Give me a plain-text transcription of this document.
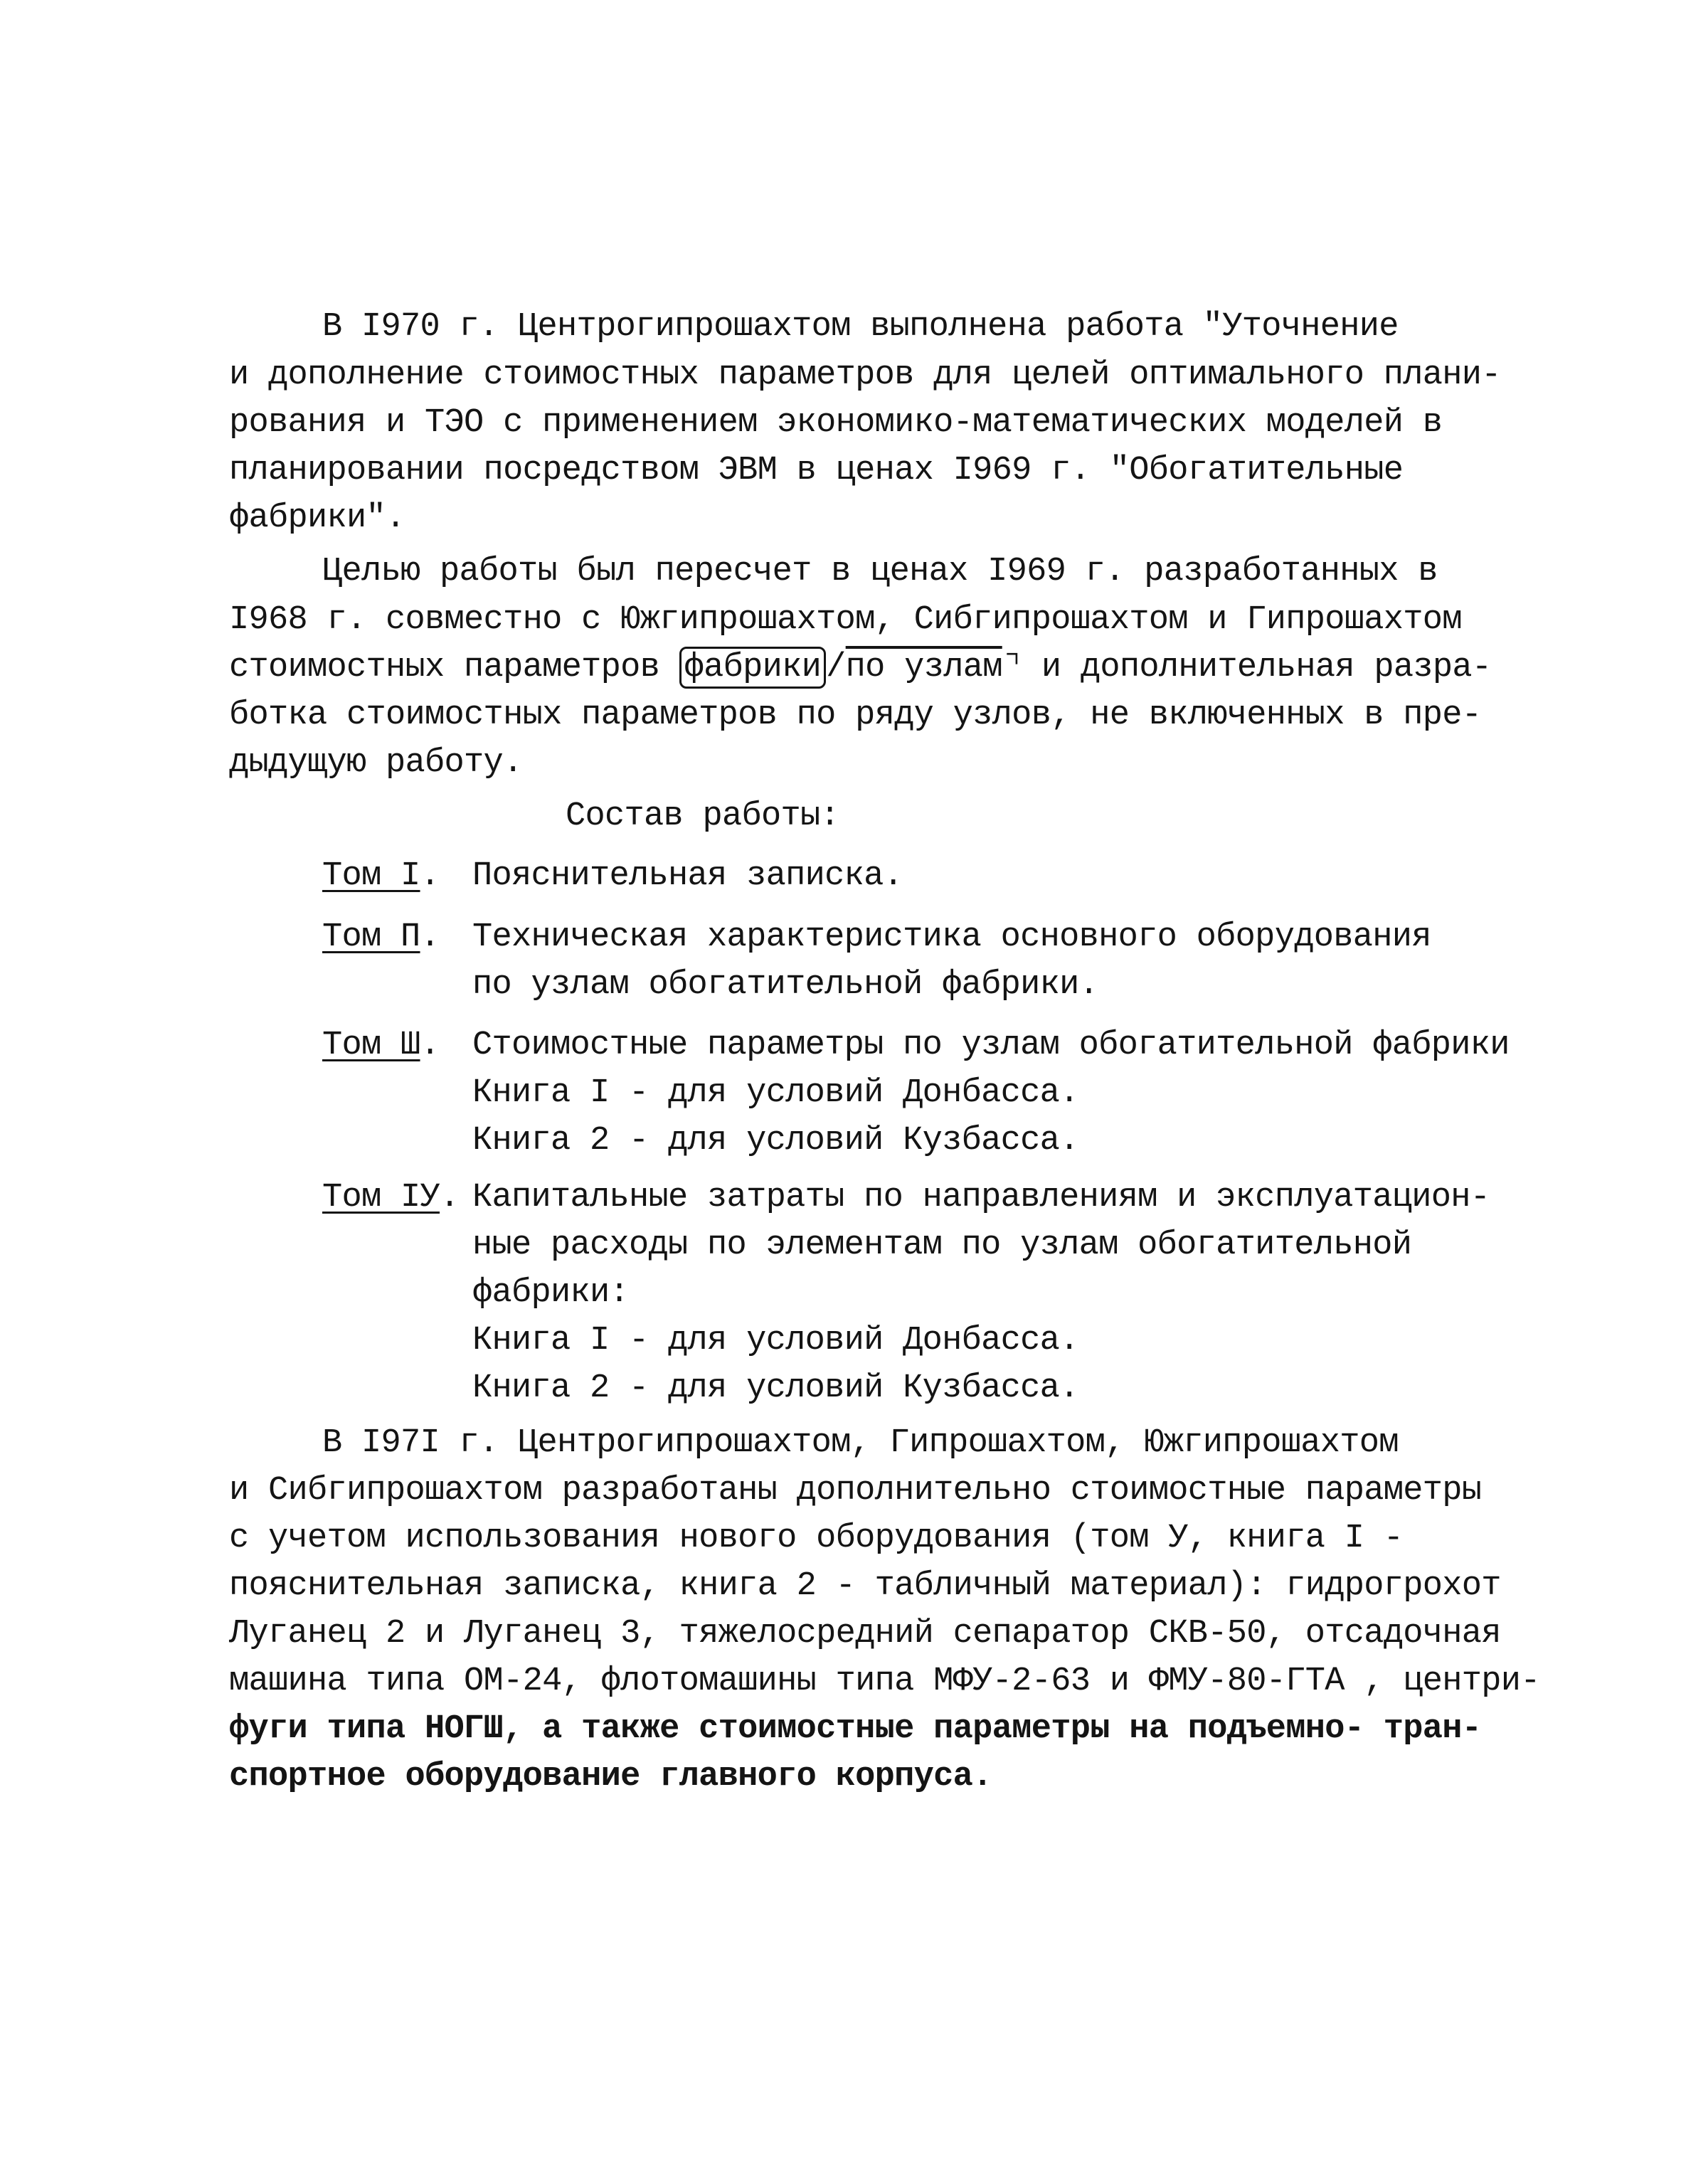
В I970 г. Центрогипрошахтом выполнена работа "Уточнение
и дополнение стоимостных параметров для целей оптимального плани-
рования и ТЭО с применением экономико-математических моделей в
планировании посредством ЭВМ в ценах I969 г. "Обогатительные
фабрики".
Целью работы был пересчет в ценах I969 г. разработанных в
I968 г. совместно с Южгипрошахтом, Сибгипрошахтом и Гипрошахтом
стоимостных параметров фабрики /по узлам⌝ и дополнительная разра-
ботка стоимостных параметров по ряду узлов, не включенных в пре-
дыдущую работу.
Состав работы:
Том I. Пояснительная записка.
Том П. Техническая характеристика основного оборудования
по узлам обогатительной фабрики.
Том Ш. Стоимостные параметры по узлам обогатительной фабрики
Книга I - для условий Донбасса.
Книга 2 - для условий Кузбасса.
Том IУ. Капитальные затраты по направлениям и эксплуатацион-
ные расходы по элементам по узлам обогатительной
фабрики:
Книга I - для условий Донбасса.
Книга 2 - для условий Кузбасса.
В I97I г. Центрогипрошахтом, Гипрошахтом, Южгипрошахтом
и Сибгипрошахтом разработаны дополнительно стоимостные параметры
с учетом использования нового оборудования (том У, книга I -
пояснительная записка, книга 2 - табличный материал): гидрогрохот
Луганец 2 и Луганец 3, тяжелосредний сепаратор СКВ-50, отсадочная
машина типа ОМ-24, флотомашины типа МФУ-2-63 и ФМУ-80-ГТА , центри-
фуги типа НОГШ, а также стоимостные параметры на подъемно- тран-
спортное оборудование главного корпуса.
